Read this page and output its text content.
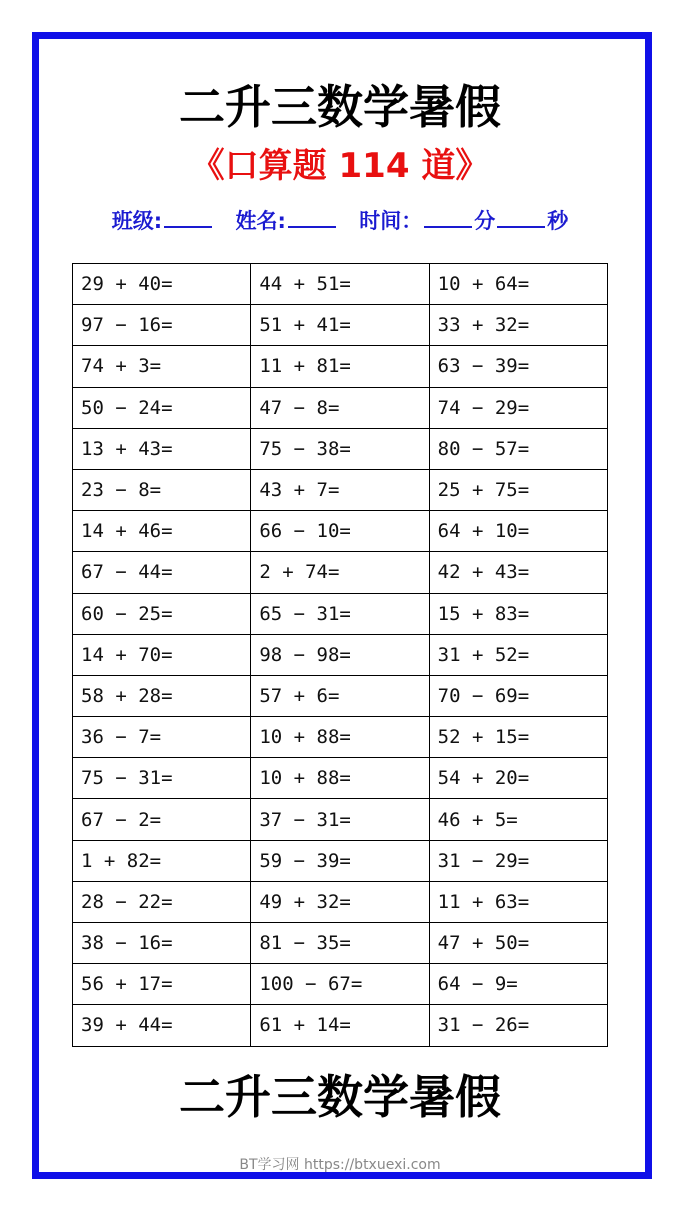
二升三数学暑假
《口算题 114 道》
班级:	姓名:	时间： 分 秒
29 + 40=	44 + 51=	10 + 64=
97 − 16=	51 + 41=	33 + 32=
74 + 3=	11 + 81=	63 − 39=
50 − 24=	47 − 8=	74 − 29=
13 + 43=	75 − 38=	80 − 57=
23 − 8=	43 + 7=	25 + 75=
14 + 46=	66 − 10=	64 + 10=
67 − 44=	2 + 74=	42 + 43=
60 − 25=	65 − 31=	15 + 83=
14 + 70=	98 − 98=	31 + 52=
58 + 28=	57 + 6=	70 − 69=
36 − 7=	10 + 88=	52 + 15=
75 − 31=	10 + 88=	54 + 20=
67 − 2=	37 − 31=	46 + 5=
1 + 82=	59 − 39=	31 − 29=
28 − 22=	49 + 32=	11 + 63=
38 − 16=	81 − 35=	47 + 50=
56 + 17=	100 − 67=	64 − 9=
39 + 44=	61 + 14=	31 − 26=
二升三数学暑假
BT学习网 https://btxuexi.com
